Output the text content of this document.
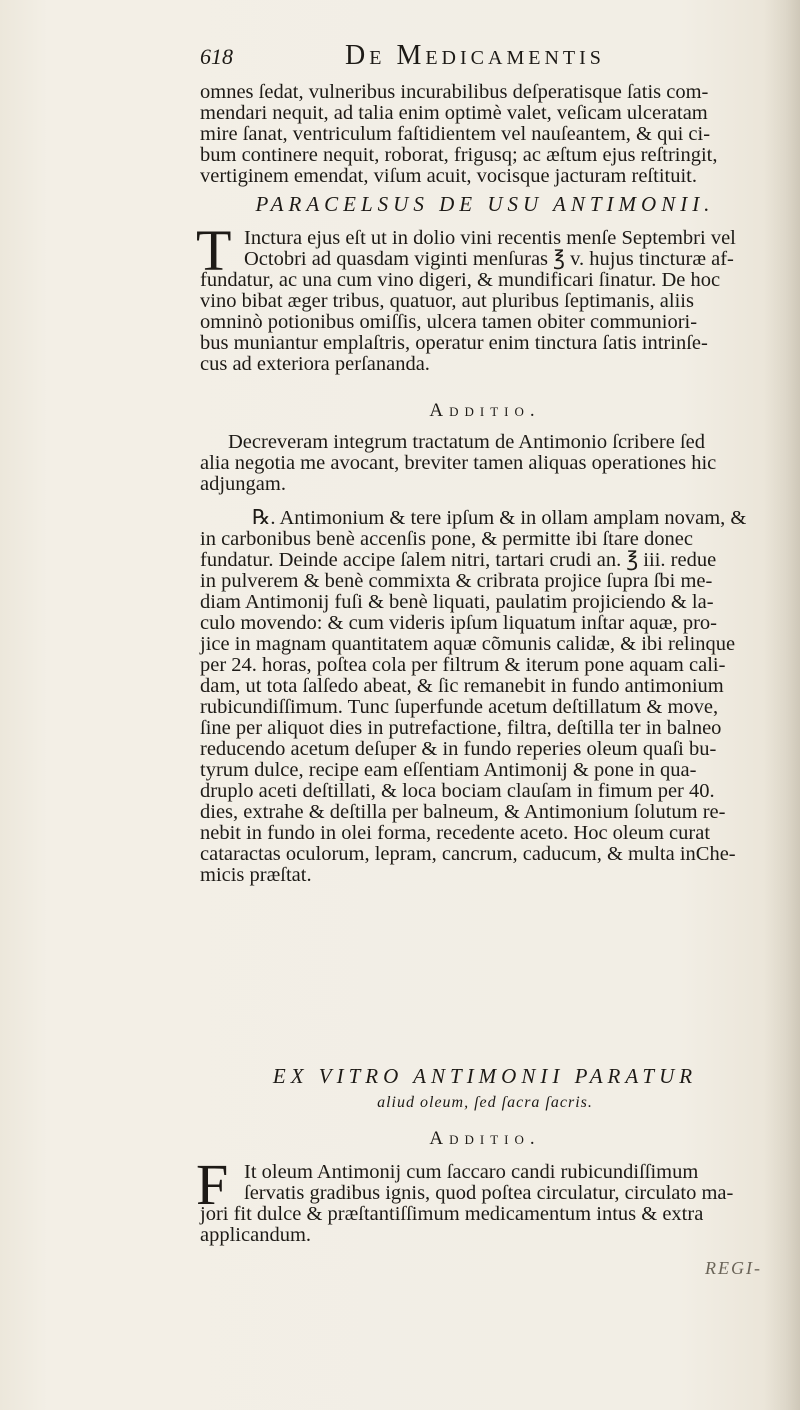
618	De Medicamentis
omnes ſedat, vulneribus incurabilibus deſperatisque ſatis com-
mendari nequit, ad talia enim optimè valet, veſicam ulceratam
mire ſanat, ventriculum faſtidientem vel nauſeantem, & qui ci-
bum continere nequit, roborat, frigusq; ac æſtum ejus reſtringit,
vertiginem emendat, viſum acuit, vocisque jacturam reſtituit.
PARACELSUS DE USU ANTIMONII.
T Inctura ejus eſt ut in dolio vini recentis menſe Septembri vel
Octobri ad quasdam viginti menſuras ℥ v. hujus tincturæ af-
fundatur, ac una cum vino digeri, & mundificari ſinatur. De hoc
vino bibat æger tribus, quatuor, aut pluribus ſeptimanis, aliis
omninò potionibus omiſſis, ulcera tamen obiter communiori-
bus muniantur emplaſtris, operatur enim tinctura ſatis intrinſe-
cus ad exteriora perſananda.
Additio.
Decreveram integrum tractatum de Antimonio ſcribere ſed
alia negotia me avocant, breviter tamen aliquas operationes hic
adjungam.
℞. Antimonium & tere ipſum & in ollam amplam novam, &
in carbonibus benè accenſis pone, & permitte ibi ſtare donec
fundatur. Deinde accipe ſalem nitri, tartari crudi an. ℥ iii. redue
in pulverem & benè commixta & cribrata projice ſupra ſbi me-
diam Antimonij fuſi & benè liquati, paulatim projiciendo & la-
culo movendo: & cum videris ipſum liquatum inſtar aquæ, pro-
jice in magnam quantitatem aquæ cõmunis calidæ, & ibi relinque
per 24. horas, poſtea cola per filtrum & iterum pone aquam cali-
dam, ut tota ſalſedo abeat, & ſic remanebit in fundo antimonium
rubicundiſſimum. Tunc ſuperfunde acetum deſtillatum & move,
ſine per aliquot dies in putrefactione, filtra, deſtilla ter in balneo
reducendo acetum deſuper & in fundo reperies oleum quaſi bu-
tyrum dulce, recipe eam eſſentiam Antimonij & pone in qua-
druplo aceti deſtillati, & loca bociam clauſam in fimum per 40.
dies, extrahe & deſtilla per balneum, & Antimonium ſolutum re-
nebit in fundo in olei forma, recedente aceto. Hoc oleum curat
cataractas oculorum, lepram, cancrum, caducum, & multa inChe-
micis præſtat.
EX VITRO ANTIMONII PARATUR
aliud oleum, ſed ſacra ſacris.
Additio.
F It oleum Antimonij cum ſaccaro candi rubicundiſſimum
ſervatis gradibus ignis, quod poſtea circulatur, circulato ma-
jori fit dulce & præſtantiſſimum medicamentum intus & extra
applicandum.
REGI-
